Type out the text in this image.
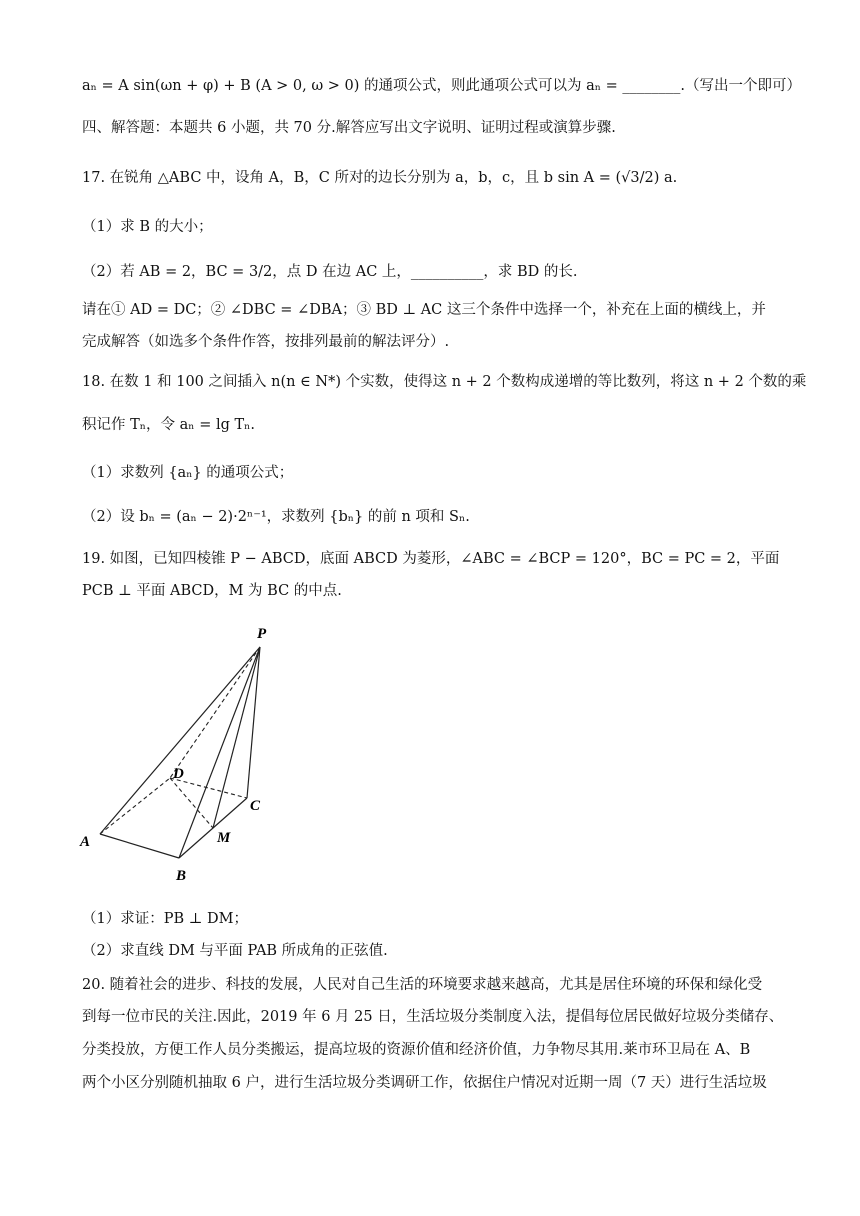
aₙ = A sin(ωn + φ) + B (A > 0, ω > 0) 的通项公式，则此通项公式可以为 aₙ = ________.（写出一个即可）
四、解答题：本题共 6 小题，共 70 分.解答应写出文字说明、证明过程或演算步骤.
17. 在锐角 △ABC 中，设角 A，B，C 所对的边长分别为 a，b，c，且 b sin A = (√3/2) a.
（1）求 B 的大小；
（2）若 AB = 2，BC = 3/2，点 D 在边 AC 上，__________，求 BD 的长.
请在① AD = DC；② ∠DBC = ∠DBA；③ BD ⊥ AC 这三个条件中选择一个，补充在上面的横线上，并
完成解答（如选多个条件作答，按排列最前的解法评分）.
18. 在数 1 和 100 之间插入 n(n ∈ N*) 个实数，使得这 n + 2 个数构成递增的等比数列，将这 n + 2 个数的乘
积记作 Tₙ，令 aₙ = lg Tₙ.
（1）求数列 {aₙ} 的通项公式；
（2）设 bₙ = (aₙ − 2)·2ⁿ⁻¹，求数列 {bₙ} 的前 n 项和 Sₙ.
19. 如图，已知四棱锥 P − ABCD，底面 ABCD 为菱形，∠ABC = ∠BCP = 120°，BC = PC = 2，平面
PCB ⊥ 平面 ABCD，M 为 BC 的中点.
P
A
B
C
D
M
（1）求证：PB ⊥ DM；
（2）求直线 DM 与平面 PAB 所成角的正弦值.
20. 随着社会的进步、科技的发展，人民对自己生活的环境要求越来越高，尤其是居住环境的环保和绿化受
到每一位市民的关注.因此，2019 年 6 月 25 日，生活垃圾分类制度入法，提倡每位居民做好垃圾分类储存、
分类投放，方便工作人员分类搬运，提高垃圾的资源价值和经济价值，力争物尽其用.莱市环卫局在 A、B
两个小区分别随机抽取 6 户，进行生活垃圾分类调研工作，依据住户情况对近期一周（7 天）进行生活垃圾
